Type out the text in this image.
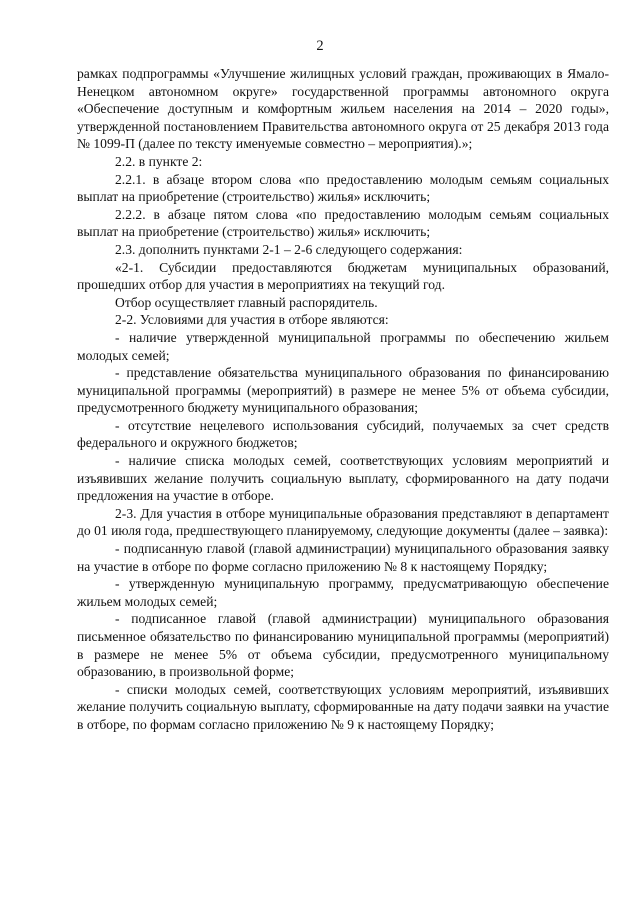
2

рамках подпрограммы «Улучшение жилищных условий граждан, проживающих в Ямало-Ненецком автономном округе» государственной программы автономного округа «Обеспечение доступным и комфортным жильем населения на 2014 – 2020 годы», утвержденной постановлением Правительства автономного округа от 25 декабря 2013 года № 1099-П (далее по тексту именуемые совместно – мероприятия).»;

2.2. в пункте 2:

2.2.1. в абзаце втором слова «по предоставлению молодым семьям социальных выплат на приобретение (строительство) жилья» исключить;

2.2.2. в абзаце пятом слова «по предоставлению молодым семьям социальных выплат на приобретение (строительство) жилья» исключить;

2.3. дополнить пунктами 2-1 – 2-6 следующего содержания:

«2-1. Субсидии предоставляются бюджетам муниципальных образований, прошедших отбор для участия в мероприятиях на текущий год.

Отбор осуществляет главный распорядитель.

2-2. Условиями для участия в отборе являются:

- наличие утвержденной муниципальной программы по обеспечению жильем молодых семей;

- представление обязательства муниципального образования по финансированию муниципальной программы (мероприятий) в размере не менее 5% от объема субсидии, предусмотренного бюджету муниципального образования;

- отсутствие нецелевого использования субсидий, получаемых за счет средств федерального и окружного бюджетов;

- наличие списка молодых семей, соответствующих условиям мероприятий и изъявивших желание получить социальную выплату, сформированного на дату подачи предложения на участие в отборе.

2-3. Для участия в отборе муниципальные образования представляют в департамент до 01 июля года, предшествующего планируемому, следующие документы (далее – заявка):

- подписанную главой (главой администрации) муниципального образования заявку на участие в отборе по форме согласно приложению № 8 к настоящему Порядку;

- утвержденную муниципальную программу, предусматривающую обеспечение жильем молодых семей;

- подписанное главой (главой администрации) муниципального образования письменное обязательство по финансированию муниципальной программы (мероприятий) в размере не менее 5% от объема субсидии, предусмотренного муниципальному образованию, в произвольной форме;

- списки молодых семей, соответствующих условиям мероприятий, изъявивших желание получить социальную выплату, сформированные на дату подачи заявки на участие в отборе, по формам согласно приложению № 9 к настоящему Порядку;
